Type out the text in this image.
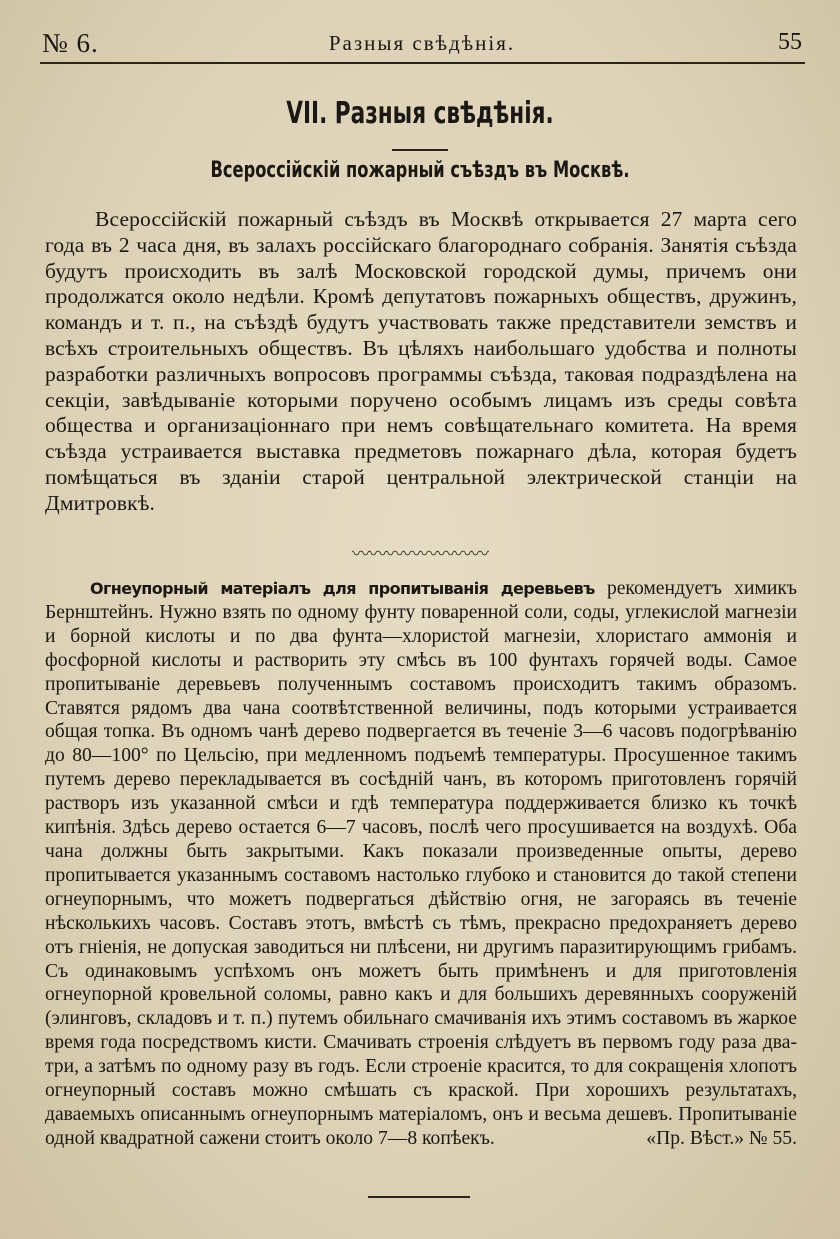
№ 6.	Разныя свѣдѣнія.	55
VII. Разныя свѣдѣнія.
Всероссійскій пожарный съѣздъ въ Москвѣ.

Всероссійскій пожарный съѣздъ въ Москвѣ открывается 27 марта сего года въ 2 часа дня, въ залахъ россійскаго благороднаго собранія. Занятія съѣзда будутъ происходить въ залѣ Московской городской думы, причемъ они продолжатся около недѣли. Кромѣ депутатовъ пожарныхъ обществъ, дружинъ, командъ и т. п., на съѣздѣ будутъ участвовать также представители земствъ и всѣхъ строительныхъ обществъ. Въ цѣляхъ наибольшаго удобства и полноты разработки различныхъ вопросовъ программы съѣзда, таковая подраздѣлена на секціи, завѣдываніе которыми поручено особымъ лицамъ изъ среды совѣта общества и организаціоннаго при немъ совѣщательнаго комитета. На время съѣзда устраивается выставка предметовъ пожарнаго дѣла, которая будетъ помѣщаться въ зданіи старой центральной электрической станціи на Дмитровкѣ.

〰〰〰〰〰〰〰〰

Огнеупорный матеріалъ для пропитыванія деревьевъ рекомендуетъ химикъ Бернштейнъ. Нужно взять по одному фунту поваренной соли, соды, углекислой магнезіи и борной кислоты и по два фунта—хлористой магнезіи, хлористаго аммонія и фосфорной кислоты и растворить эту смѣсь въ 100 фунтахъ горячей воды. Самое пропитываніе деревьевъ полученнымъ составомъ происходитъ такимъ образомъ. Ставятся рядомъ два чана соотвѣтственной величины, подъ которыми устраивается общая топка. Въ одномъ чанѣ дерево подвергается въ теченіе 3—6 часовъ подогрѣванію до 80—100° по Цельсію, при медленномъ подъемѣ температуры. Просушенное такимъ путемъ дерево перекладывается въ сосѣдній чанъ, въ которомъ приготовленъ горячій растворъ изъ указанной смѣси и гдѣ температура поддерживается близко къ точкѣ кипѣнія. Здѣсь дерево остается 6—7 часовъ, послѣ чего просушивается на воздухѣ. Оба чана должны быть закрытыми. Какъ показали произведенные опыты, дерево пропитывается указаннымъ составомъ настолько глубоко и становится до такой степени огнеупорнымъ, что можетъ подвергаться дѣйствію огня, не загораясь въ теченіе нѣсколькихъ часовъ. Составъ этотъ, вмѣстѣ съ тѣмъ, прекрасно предохраняетъ дерево отъ гніенія, не допуская заводиться ни плѣсени, ни другимъ паразитирующимъ грибамъ. Съ одинаковымъ успѣхомъ онъ можетъ быть примѣненъ и для приготовленія огнеупорной кровельной соломы, равно какъ и для большихъ деревянныхъ сооруженій (элинговъ, складовъ и т. п.) путемъ обильнаго смачиванія ихъ этимъ составомъ въ жаркое время года посредствомъ кисти. Смачивать строенія слѣдуетъ въ первомъ году раза два-три, а затѣмъ по одному разу въ годъ. Если строеніе красится, то для сокращенія хлопотъ огнеупорный составъ можно смѣшать съ краской. При хорошихъ результатахъ, даваемыхъ описаннымъ огнеупорнымъ матеріаломъ, онъ и весьма дешевъ. Пропитываніе одной квадратной сажени стоитъ около 7—8 копѣекъ.	«Пр. Вѣст.» № 55.
